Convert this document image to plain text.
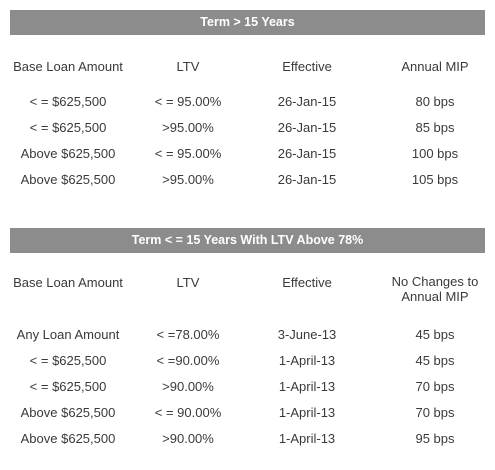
Term > 15 Years
Base Loan Amount	LTV	Effective	Annual MIP
< = $625,500	< = 95.00%	26-Jan-15	80 bps
< = $625,500	>95.00%	26-Jan-15	85 bps
Above $625,500	< = 95.00%	26-Jan-15	100 bps
Above $625,500	>95.00%	26-Jan-15	105 bps
Term < = 15 Years With LTV Above 78%
Base Loan Amount	LTV	Effective	No Changes to Annual MIP
Any Loan Amount	< =78.00%	3-June-13	45 bps
< = $625,500	< =90.00%	1-April-13	45 bps
< = $625,500	>90.00%	1-April-13	70 bps
Above $625,500	< = 90.00%	1-April-13	70 bps
Above $625,500	>90.00%	1-April-13	95 bps
